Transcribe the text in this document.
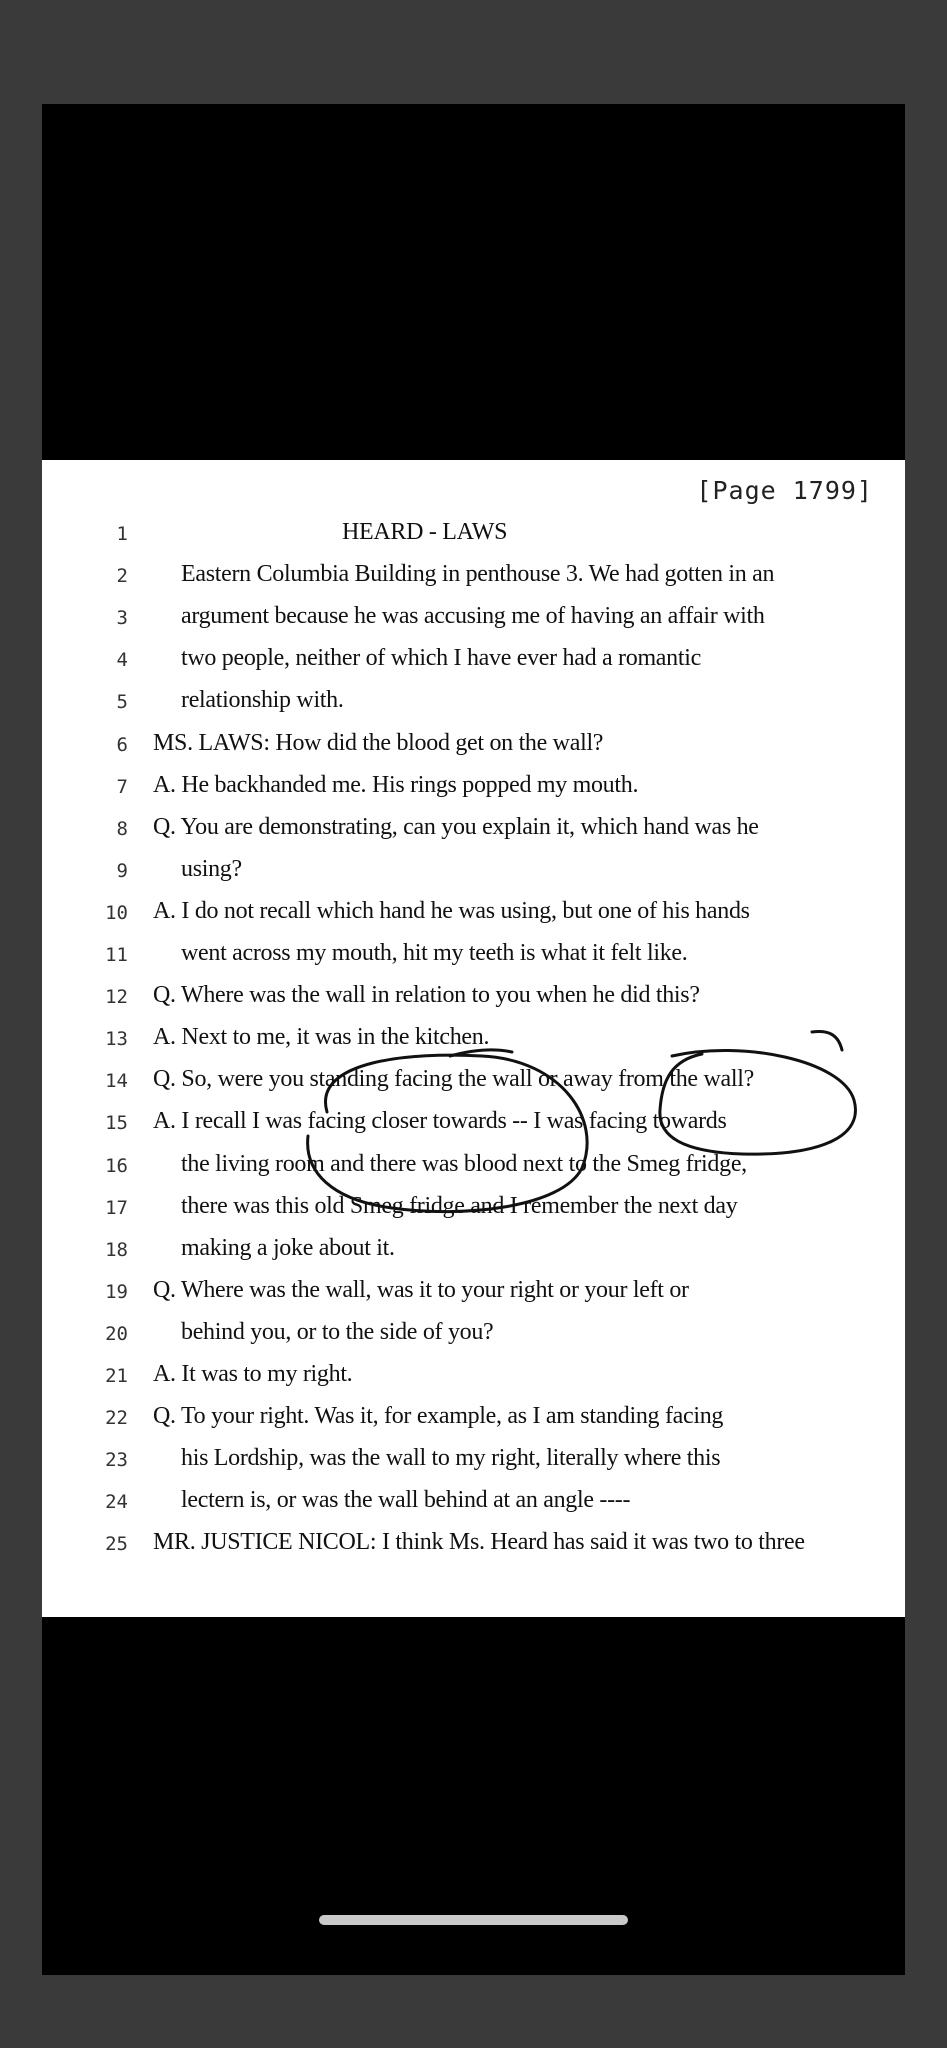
[Page 1799]
1	HEARD - LAWS
2 Eastern Columbia Building in penthouse 3. We had gotten in an
3 argument because he was accusing me of having an affair with
4 two people, neither of which I have ever had a romantic
5 relationship with.
6 MS. LAWS: How did the blood get on the wall?
7 A. He backhanded me. His rings popped my mouth.
8 Q. You are demonstrating, can you explain it, which hand was he
9 using?
10 A. I do not recall which hand he was using, but one of his hands
11 went across my mouth, hit my teeth is what it felt like.
12 Q. Where was the wall in relation to you when he did this?
13 A. Next to me, it was in the kitchen.
14 Q. So, were you standing facing the wall or away from the wall?
15 A. I recall I was facing closer towards -- I was facing towards
16 the living room and there was blood next to the Smeg fridge,
17 there was this old Smeg fridge and I remember the next day
18 making a joke about it.
19 Q. Where was the wall, was it to your right or your left or
20 behind you, or to the side of you?
21 A. It was to my right.
22 Q. To your right. Was it, for example, as I am standing facing
23 his Lordship, was the wall to my right, literally where this
24 lectern is, or was the wall behind at an angle ----
25 MR. JUSTICE NICOL: I think Ms. Heard has said it was two to three
